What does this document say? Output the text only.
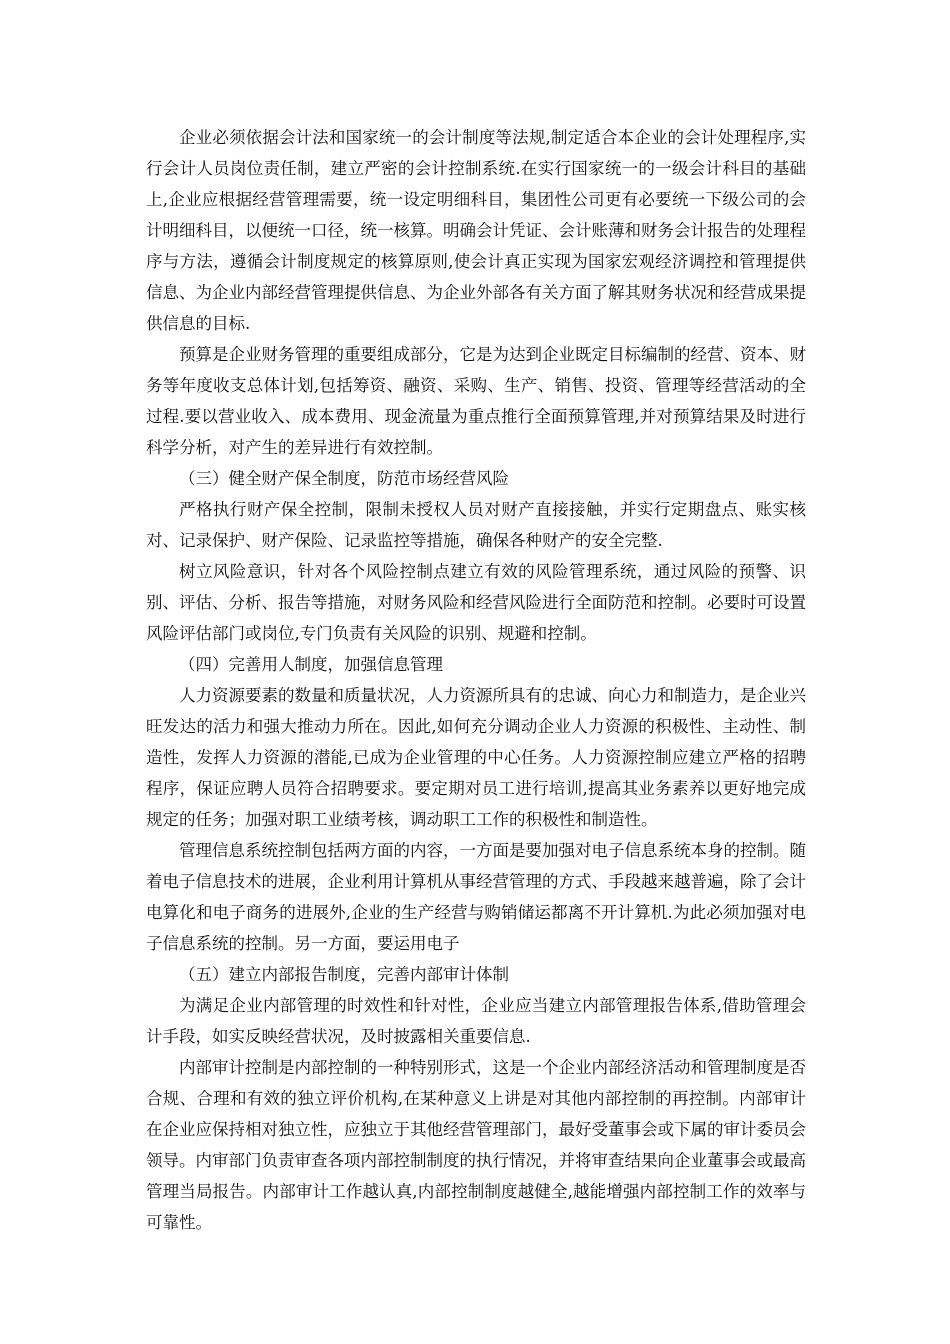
企业必须依据会计法和国家统一的会计制度等法规,制定适合本企业的会计处理程序,实行会计人员岗位责任制，建立严密的会计控制系统.在实行国家统一的一级会计科目的基础上,企业应根据经营管理需要，统一设定明细科目，集团性公司更有必要统一下级公司的会计明细科目，以便统一口径，统一核算。明确会计凭证、会计账薄和财务会计报告的处理程序与方法，遵循会计制度规定的核算原则,使会计真正实现为国家宏观经济调控和管理提供信息、为企业内部经营管理提供信息、为企业外部各有关方面了解其财务状况和经营成果提供信息的目标.

预算是企业财务管理的重要组成部分，它是为达到企业既定目标编制的经营、资本、财务等年度收支总体计划,包括筹资、融资、采购、生产、销售、投资、管理等经营活动的全过程.要以营业收入、成本费用、现金流量为重点推行全面预算管理,并对预算结果及时进行科学分析，对产生的差异进行有效控制。

（三）健全财产保全制度，防范市场经营风险

严格执行财产保全控制，限制未授权人员对财产直接接触，并实行定期盘点、账实核对、记录保护、财产保险、记录监控等措施，确保各种财产的安全完整.

树立风险意识，针对各个风险控制点建立有效的风险管理系统，通过风险的预警、识别、评估、分析、报告等措施，对财务风险和经营风险进行全面防范和控制。必要时可设置风险评估部门或岗位,专门负责有关风险的识别、规避和控制。

（四）完善用人制度，加强信息管理

人力资源要素的数量和质量状况，人力资源所具有的忠诚、向心力和制造力，是企业兴旺发达的活力和强大推动力所在。因此,如何充分调动企业人力资源的积极性、主动性、制造性，发挥人力资源的潜能,已成为企业管理的中心任务。人力资源控制应建立严格的招聘程序，保证应聘人员符合招聘要求。要定期对员工进行培训,提高其业务素养以更好地完成规定的任务；加强对职工业绩考核，调动职工工作的积极性和制造性。

管理信息系统控制包括两方面的内容，一方面是要加强对电子信息系统本身的控制。随着电子信息技术的进展，企业利用计算机从事经营管理的方式、手段越来越普遍，除了会计电算化和电子商务的进展外,企业的生产经营与购销储运都离不开计算机.为此必须加强对电子信息系统的控制。另一方面，要运用电子

（五）建立内部报告制度，完善内部审计体制

为满足企业内部管理的时效性和针对性，企业应当建立内部管理报告体系,借助管理会计手段，如实反映经营状况，及时披露相关重要信息.

内部审计控制是内部控制的一种特别形式，这是一个企业内部经济活动和管理制度是否合规、合理和有效的独立评价机构,在某种意义上讲是对其他内部控制的再控制。内部审计在企业应保持相对独立性，应独立于其他经营管理部门，最好受董事会或下属的审计委员会领导。内审部门负责审查各项内部控制制度的执行情况，并将审查结果向企业董事会或最高管理当局报告。内部审计工作越认真,内部控制制度越健全,越能增强内部控制工作的效率与可靠性。
